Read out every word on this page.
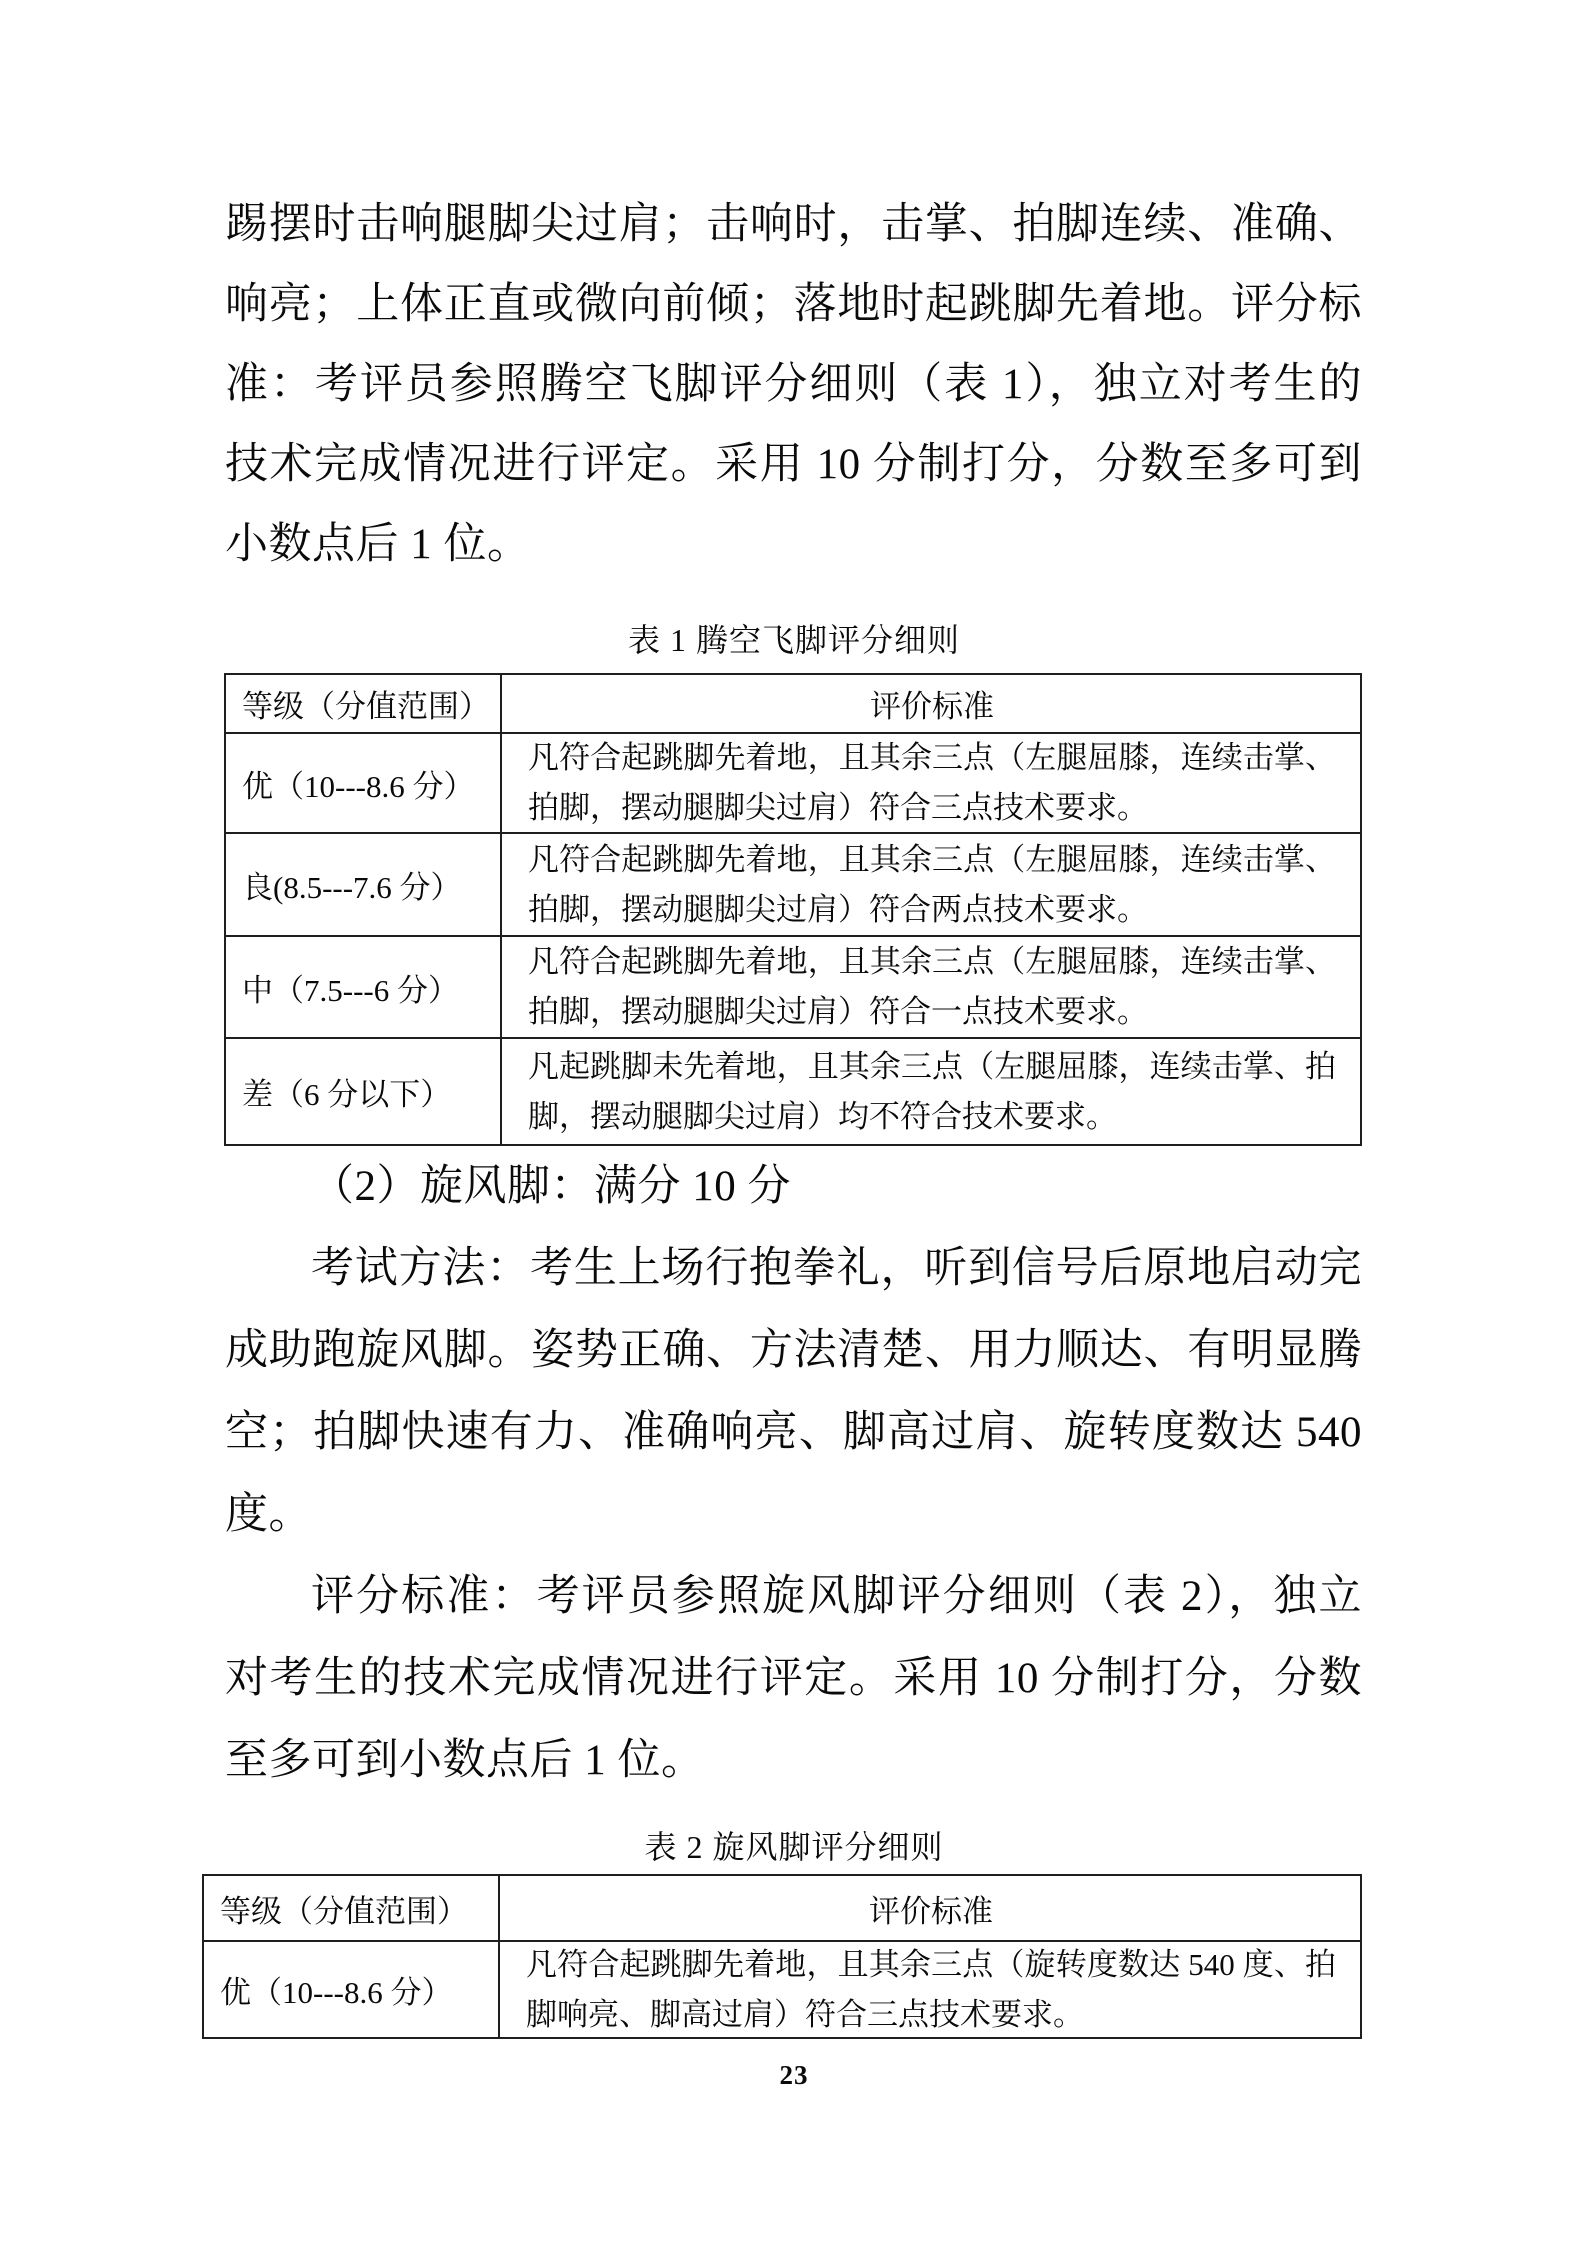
踢摆时击响腿脚尖过肩；击响时，击掌、拍脚连续、准确、
响亮；上体正直或微向前倾；落地时起跳脚先着地。评分标
准：考评员参照腾空飞脚评分细则（表 1），独立对考生的
技术完成情况进行评定。采用 10 分制打分，分数至多可到
小数点后 1 位。
表 1 腾空飞脚评分细则
等级（分值范围）	评价标准
优（10---8.6 分）
凡符合起跳脚先着地，且其余三点（左腿屈膝，连续击掌、
拍脚，摆动腿脚尖过肩）符合三点技术要求。
良(8.5---7.6 分）
凡符合起跳脚先着地，且其余三点（左腿屈膝，连续击掌、
拍脚，摆动腿脚尖过肩）符合两点技术要求。
中（7.5---6 分）
凡符合起跳脚先着地，且其余三点（左腿屈膝，连续击掌、
拍脚，摆动腿脚尖过肩）符合一点技术要求。
差（6 分以下）
凡起跳脚未先着地，且其余三点（左腿屈膝，连续击掌、拍
脚，摆动腿脚尖过肩）均不符合技术要求。
（2）旋风脚：满分 10 分
考试方法：考生上场行抱拳礼，听到信号后原地启动完
成助跑旋风脚。姿势正确、方法清楚、用力顺达、有明显腾
空；拍脚快速有力、准确响亮、脚高过肩、旋转度数达 540
度。
评分标准：考评员参照旋风脚评分细则（表 2），独立
对考生的技术完成情况进行评定。采用 10 分制打分，分数
至多可到小数点后 1 位。
表 2 旋风脚评分细则
等级（分值范围）	评价标准
优（10---8.6 分）
凡符合起跳脚先着地，且其余三点（旋转度数达 540 度、拍
脚响亮、脚高过肩）符合三点技术要求。
23
